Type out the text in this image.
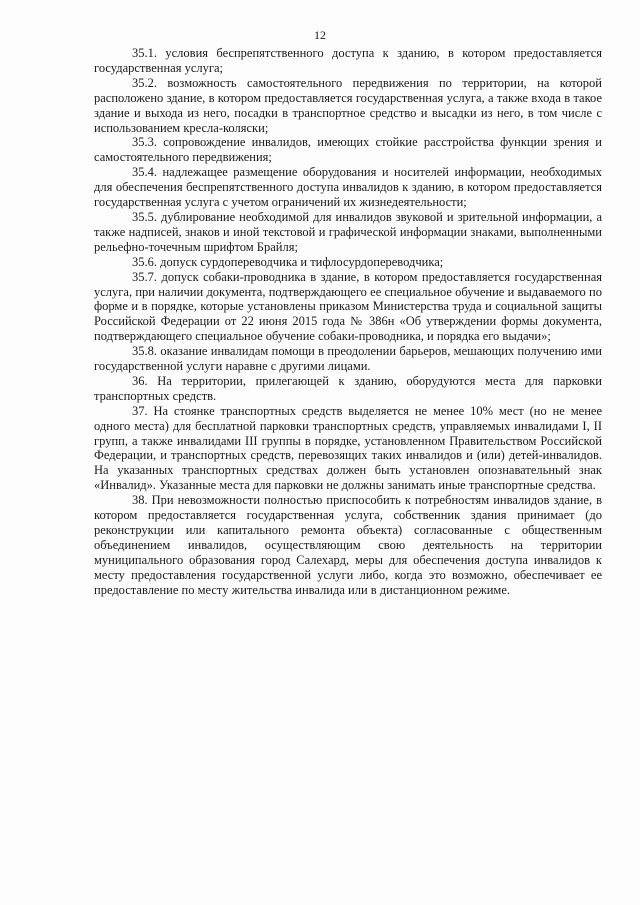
12

35.1. условия беспрепятственного доступа к зданию, в котором предоставляется государственная услуга;

35.2. возможность самостоятельного передвижения по территории, на которой расположено здание, в котором предоставляется государственная услуга, а также входа в такое здание и выхода из него, посадки в транспортное средство и высадки из него, в том числе с использованием кресла-коляски;

35.3. сопровождение инвалидов, имеющих стойкие расстройства функции зрения и самостоятельного передвижения;

35.4. надлежащее размещение оборудования и носителей информации, необходимых для обеспечения беспрепятственного доступа инвалидов к зданию, в котором предоставляется государственная услуга с учетом ограничений их жизнедеятельности;

35.5. дублирование необходимой для инвалидов звуковой и зрительной информации, а также надписей, знаков и иной текстовой и графической информации знаками, выполненными рельефно-точечным шрифтом Брайля;

35.6. допуск сурдопереводчика и тифлосурдопереводчика;

35.7. допуск собаки-проводника в здание, в котором предоставляется государственная услуга, при наличии документа, подтверждающего ее специальное обучение и выдаваемого по форме и в порядке, которые установлены приказом Министерства труда и социальной защиты Российской Федерации от 22 июня 2015 года № 386н «Об утверждении формы документа, подтверждающего специальное обучение собаки-проводника, и порядка его выдачи»;

35.8. оказание инвалидам помощи в преодолении барьеров, мешающих получению ими государственной услуги наравне с другими лицами.

36. На территории, прилегающей к зданию, оборудуются места для парковки транспортных средств.

37. На стоянке транспортных средств выделяется не менее 10% мест (но не менее одного места) для бесплатной парковки транспортных средств, управляемых инвалидами I, II групп, а также инвалидами III группы в порядке, установленном Правительством Российской Федерации, и транспортных средств, перевозящих таких инвалидов и (или) детей-инвалидов. На указанных транспортных средствах должен быть установлен опознавательный знак «Инвалид». Указанные места для парковки не должны занимать иные транспортные средства.

38. При невозможности полностью приспособить к потребностям инвалидов здание, в котором предоставляется государственная услуга, собственник здания принимает (до реконструкции или капитального ремонта объекта) согласованные с общественным объединением инвалидов, осуществляющим свою деятельность на территории муниципального образования город Салехард, меры для обеспечения доступа инвалидов к месту предоставления государственной услуги либо, когда это возможно, обеспечивает ее предоставление по месту жительства инвалида или в дистанционном режиме.
